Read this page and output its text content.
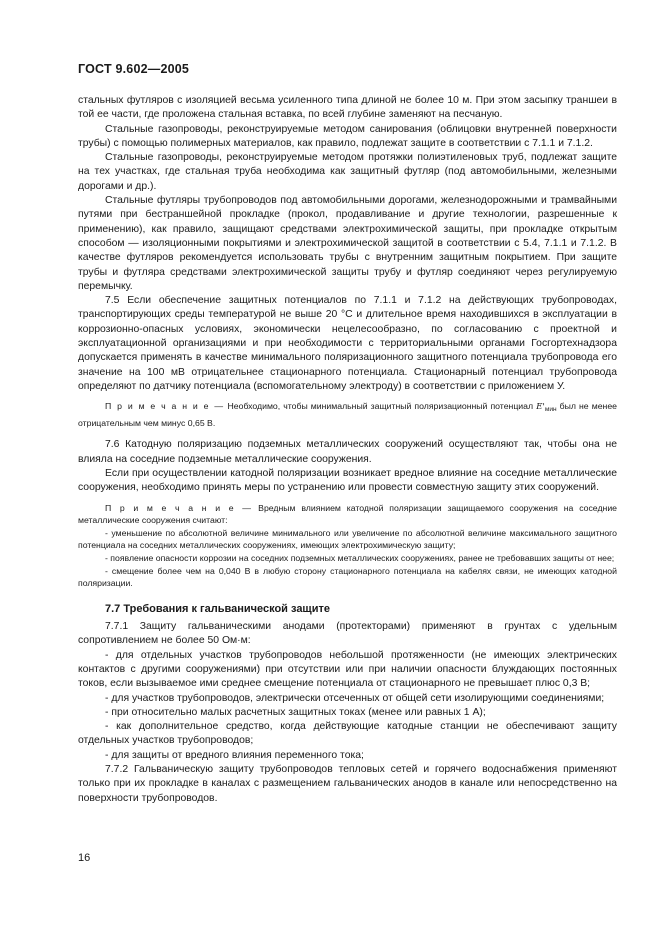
ГОСТ 9.602—2005

стальных футляров с изоляцией весьма усиленного типа длиной не более 10 м. При этом засыпку траншеи в той ее части, где проложена стальная вставка, по всей глубине заменяют на песчаную.

Стальные газопроводы, реконструируемые методом санирования (облицовки внутренней поверхности трубы) с помощью полимерных материалов, как правило, подлежат защите в соответствии с 7.1.1 и 7.1.2.

Стальные газопроводы, реконструируемые методом протяжки полиэтиленовых труб, подлежат защите на тех участках, где стальная труба необходима как защитный футляр (под автомобильными, железными дорогами и др.).

Стальные футляры трубопроводов под автомобильными дорогами, железнодорожными и трамвайными путями при бестраншейной прокладке (прокол, продавливание и другие технологии, разрешенные к применению), как правило, защищают средствами электрохимической защиты, при прокладке открытым способом — изоляционными покрытиями и электрохимической защитой в соответствии с 5.4, 7.1.1 и 7.1.2. В качестве футляров рекомендуется использовать трубы с внутренним защитным покрытием. При защите трубы и футляра средствами электрохимической защиты трубу и футляр соединяют через регулируемую перемычку.

7.5 Если обеспечение защитных потенциалов по 7.1.1 и 7.1.2 на действующих трубопроводах, транспортирующих среды температурой не выше 20 °С и длительное время находившихся в эксплуатации в коррозионно-опасных условиях, экономически нецелесообразно, по согласованию с проектной и эксплуатационной организациями и при необходимости с территориальными органами Госгортехнадзора допускается применять в качестве минимального поляризационного защитного потенциала трубопровода его значение на 100 мВ отрицательнее стационарного потенциала. Стационарный потенциал трубопровода определяют по датчику потенциала (вспомогательному электроду) в соответствии с приложением У.

П р и м е ч а н и е — Необходимо, чтобы минимальный защитный поляризационный потенциал $E'_{мин}$ был не менее отрицательным чем минус 0,65 В.

7.6 Катодную поляризацию подземных металлических сооружений осуществляют так, чтобы она не влияла на соседние подземные металлические сооружения.

Если при осуществлении катодной поляризации возникает вредное влияние на соседние металлические сооружения, необходимо принять меры по устранению или провести совместную защиту этих сооружений.

П р и м е ч а н и е — Вредным влиянием катодной поляризации защищаемого сооружения на соседние металлические сооружения считают:

- уменьшение по абсолютной величине минимального или увеличение по абсолютной величине максимального защитного потенциала на соседних металлических сооружениях, имеющих электрохимическую защиту;

- появление опасности коррозии на соседних подземных металлических сооружениях, ранее не требовавших защиты от нее;

- смещение более чем на 0,040 В в любую сторону стационарного потенциала на кабелях связи, не имеющих катодной поляризации.

7.7 Требования к гальванической защите

7.7.1 Защиту гальваническими анодами (протекторами) применяют в грунтах с удельным сопротивлением не более 50 Ом·м:

- для отдельных участков трубопроводов небольшой протяженности (не имеющих электрических контактов с другими сооружениями) при отсутствии или при наличии опасности блуждающих постоянных токов, если вызываемое ими среднее смещение потенциала от стационарного не превышает плюс 0,3 В;

- для участков трубопроводов, электрически отсеченных от общей сети изолирующими соединениями;

- при относительно малых расчетных защитных токах (менее или равных 1 А);

- как дополнительное средство, когда действующие катодные станции не обеспечивают защиту отдельных участков трубопроводов;

- для защиты от вредного влияния переменного тока;

7.7.2 Гальваническую защиту трубопроводов тепловых сетей и горячего водоснабжения применяют только при их прокладке в каналах с размещением гальванических анодов в канале или непосредственно на поверхности трубопроводов.

16
